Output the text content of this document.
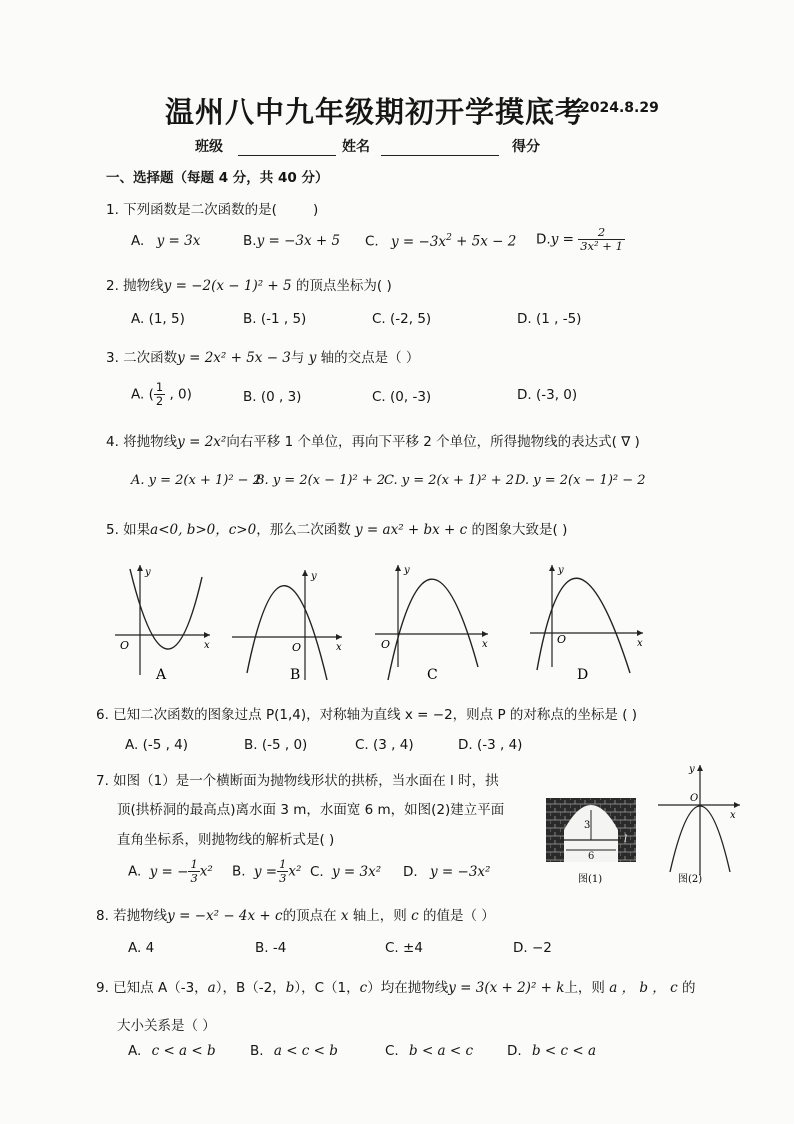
温州八中九年级期初开学摸底考
2024.8.29
班级	姓名	得分
一、选择题（每题 4 分，共 40 分）
1. 下列函数是二次函数的是(	)
A. y = 3x	B.y = −3x + 5 C. $y = -3x^2 + 5x - 2$ $D.y = \frac{2}{\text{3x² + 1}}$
2. 抛物线y = −2(x − 1)² + 5 的顶点坐标为( )
A. (1, 5)	B. (-1 , 5)	C. (-2, 5)	D. (1 , -5)
3. 二次函数y = 2x² + 5x − 3与 y 轴的交点是（ ）
A. ( $\frac{1}{2}$ , 0)	B. (0 , 3)	C. (0, -3)	D. (-3, 0)
4. 将抛物线y = 2x²向右平移 1 个单位，再向下平移 2 个单位，所得抛物线的表达式( ∇ )
A. y = 2(x + 1)² − 2
B. y = 2(x − 1)² + 2
C. y = 2(x + 1)² + 2 D. y = 2(x − 1)² − 2
5. 如果a<0, b>0，c>0，那么二次函数 y = ax² + bx + c 的图象大致是( )
O	x
y
A
O	x
y
B
O	x
y
C
O	x
y
D
6. 已知二次函数的图象过点 P(1,4)，对称轴为直线 x = −2，则点 P 的对称点的坐标是 ( )
A. (-5 , 4)	B. (-5 , 0)	C. (3 , 4)	D. (-3 , 4)
7. 如图（1）是一个横断面为抛物线形状的拱桥，当水面在 l 时，拱
顶(拱桥洞的最高点)离水面 3 m，水面宽 6 m，如图(2)建立平面
直角坐标系，则抛物线的解析式是( )
A. y = − $\frac{1}{3} x^2$ B. $y = \frac{1}{3} x^2$ C. y = 3x² D. y = −3x²
3
6
l
图(1)
O
x
y
图(2)
8. 若抛物线y = −x² − 4x + c的顶点在 x 轴上，则 c 的值是（ ）
A. 4	B. -4	C. ±4	D. −2
9. 已知点 A（-3，a），B（-2，b），C（1，c）均在抛物线y = 3(x + 2)² + k上，则 a ， b ， c 的
大小关系是（ ）
A. c < a < b	B. a < c < b	C. b < a < c	D. b < c < a
